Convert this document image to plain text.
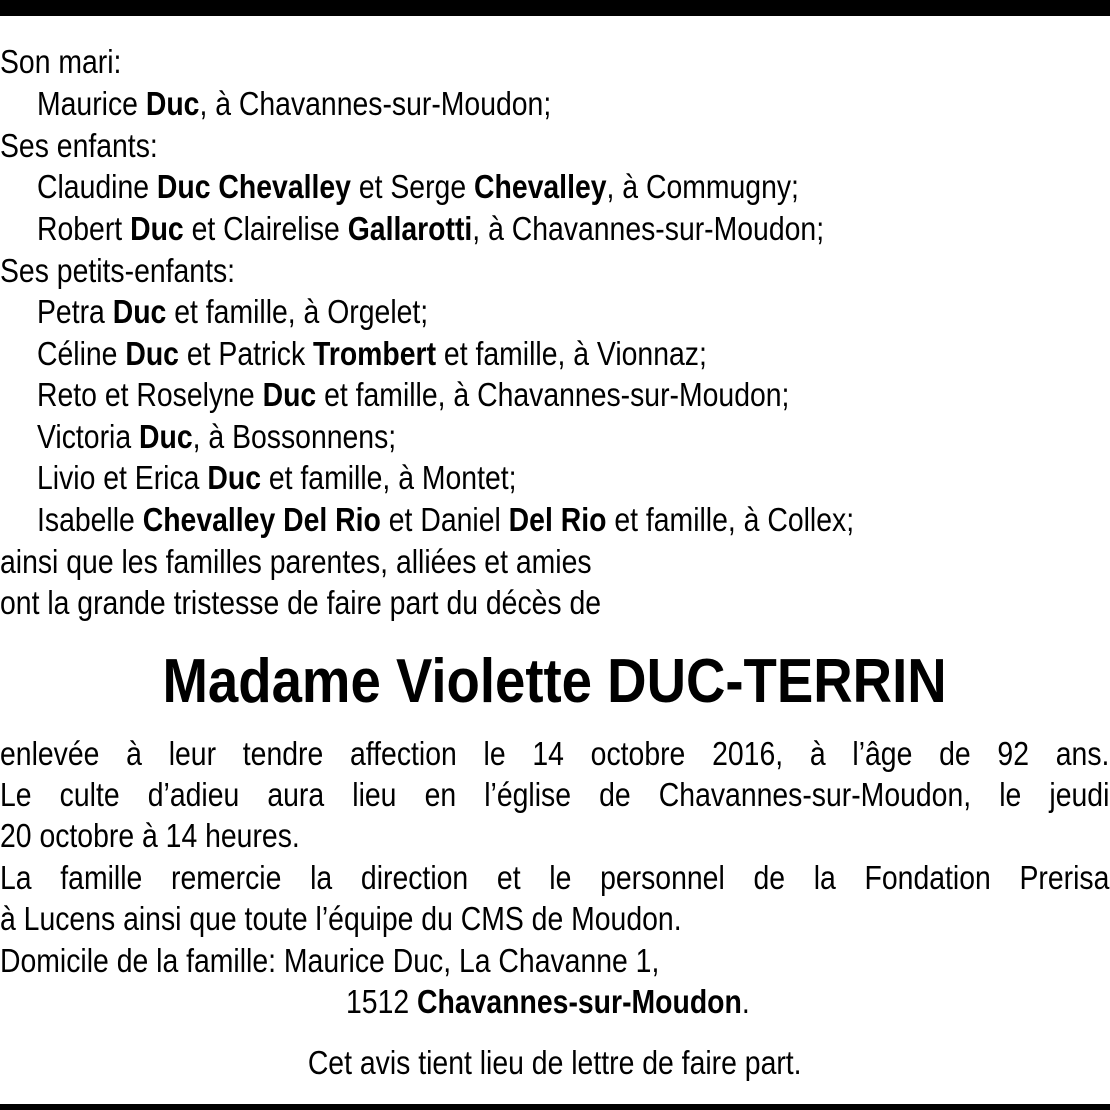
Son mari:
Maurice Duc, à Chavannes-sur-Moudon;
Ses enfants:
Claudine Duc Chevalley et Serge Chevalley, à Commugny;
Robert Duc et Clairelise Gallarotti, à Chavannes-sur-Moudon;
Ses petits-enfants:
Petra Duc et famille, à Orgelet;
Céline Duc et Patrick Trombert et famille, à Vionnaz;
Reto et Roselyne Duc et famille, à Chavannes-sur-Moudon;
Victoria Duc, à Bossonnens;
Livio et Erica Duc et famille, à Montet;
Isabelle Chevalley Del Rio et Daniel Del Rio et famille, à Collex;
ainsi que les familles parentes, alliées et amies
ont la grande tristesse de faire part du décès de
Madame Violette DUC-TERRIN
enlevée à leur tendre affection le 14 octobre 2016, à l’âge de 92 ans.
Le culte d’adieu aura lieu en l’église de Chavannes-sur-Moudon, le jeudi
20 octobre à 14 heures.
La famille remercie la direction et le personnel de la Fondation Prerisa
à Lucens ainsi que toute l’équipe du CMS de Moudon.
Domicile de la famille: Maurice Duc, La Chavanne 1,
1512 Chavannes-sur-Moudon.
Cet avis tient lieu de lettre de faire part.
